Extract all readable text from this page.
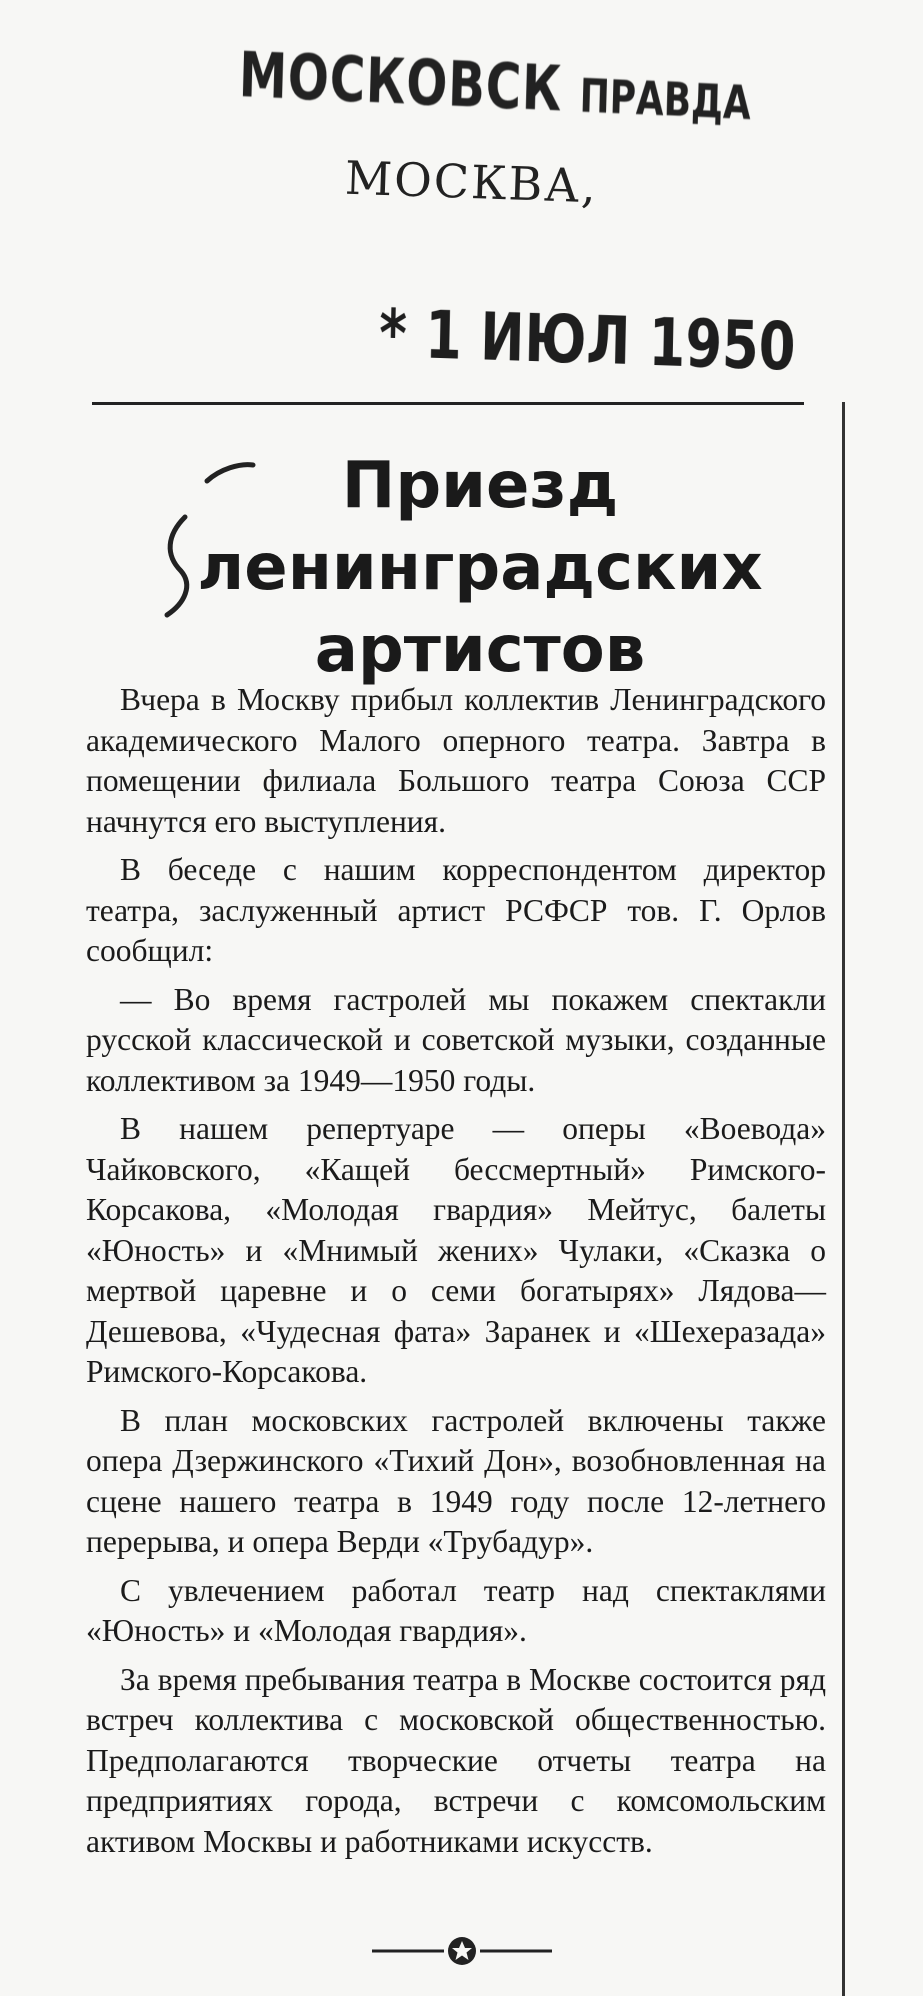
МОСКОВСК ПРАВДА
МОСКВА,
* 1 ИЮЛ 1950
Приезд
ленинградских
артистов

Вчера в Москву прибыл коллектив Ленинградского академического Малого оперного театра. Завтра в помещении филиала Большого театра Союза ССР начнутся его выступления.

В беседе с нашим корреспондентом директор театра, заслуженный артист РСФСР тов. Г. Орлов сообщил:

— Во время гастролей мы покажем спектакли русской классической и советской музыки, созданные коллективом за 1949—1950 годы.

В нашем репертуаре — оперы «Воевода» Чайковского, «Кащей бессмертный» Римского-Корсакова, «Молодая гвардия» Мейтус, балеты «Юность» и «Мнимый жених» Чулаки, «Сказка о мертвой царевне и о семи богатырях» Лядова—Дешевова, «Чудесная фата» Заранек и «Шехеразада» Римского-Корсакова.

В план московских гастролей включены также опера Дзержинского «Тихий Дон», возобновленная на сцене нашего театра в 1949 году после 12-летнего перерыва, и опера Верди «Трубадур».

С увлечением работал театр над спектаклями «Юность» и «Молодая гвардия».

За время пребывания театра в Москве состоится ряд встреч коллектива с московской общественностью. Предполагаются творческие отчеты театра на предприятиях города, встречи с комсомольским активом Москвы и работниками искусств.
